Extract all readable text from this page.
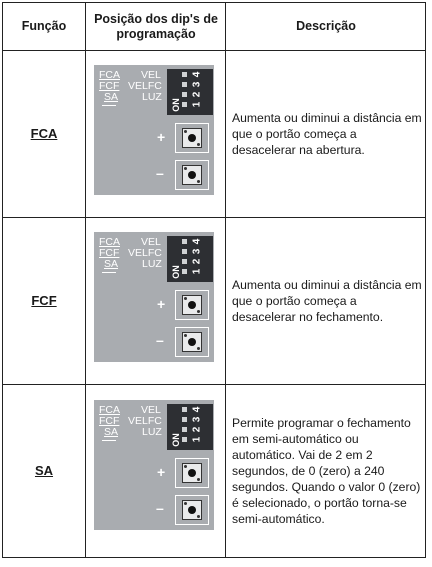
Função
Posição dos dip's de programação
Descrição
FCA
FCF
SA
Aumenta ou diminui a distância em que o portão começa a desacelerar na abertura.
Aumenta ou diminui a distância em que o portão começa a desacelerar no fechamento.
Permite programar o fechamento em semi-automático ou automático. Vai de 2 em 2 segundos, de 0 (zero) a 240 segundos. Quando o valor 0 (zero) é selecionado, o portão torna-se semi-automático.
FCA
FCF
SA
VEL
VELFC
LUZ
4
3
2
1
ON
+
–
FCA
FCF
SA
VEL
VELFC
LUZ
4
3
2
1
ON
+
–
FCA
FCF
SA
VEL
VELFC
LUZ
4
3
2
1
ON
+
–
